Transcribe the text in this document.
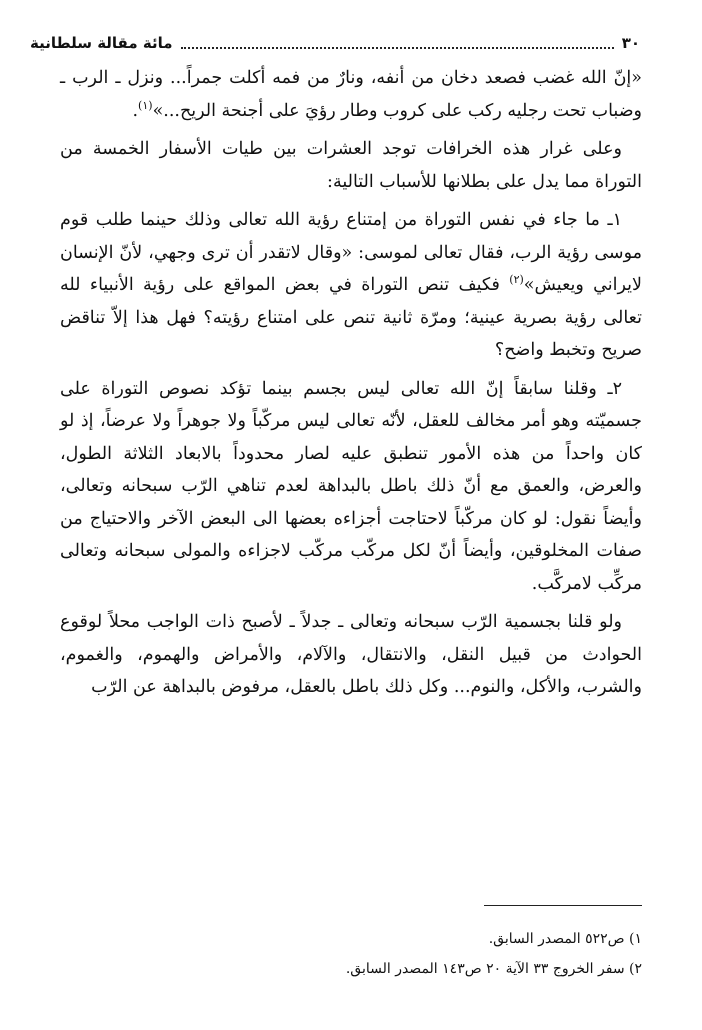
٣٠
مائة مقالة سلطانية

«إنّ الله غضب فصعد دخان من أنفه، ونارٌ من فمه أكلت جمراً... ونزل ـ الرب ـ وضباب تحت رجليه ركب على كروب وطار رؤيَ على أجنحة الريح...»$^{(١)}$.

وعلى غرار هذه الخرافات توجد العشرات بين طيات الأسفار الخمسة من التوراة مما يدل على بطلانها للأسباب التالية:

١ـ ما جاء في نفس التوراة من إمتناع رؤية الله تعالى وذلك حينما طلب قوم موسى رؤية الرب، فقال تعالى لموسى: «وقال لاتقدر أن ترى وجهي، لأنّ الإنسان لايراني ويعيش»$^{(٢)}$ فكيف تنص التوراة في بعض المواقع على رؤية الأنبياء لله تعالى رؤية بصرية عينية؛ ومرّة ثانية تنص على امتناع رؤيته؟ فهل هذا إلاّ تناقض صريح وتخبط واضح؟

٢ـ وقلنا سابقاً إنّ الله تعالى ليس بجسم بينما تؤكد نصوص التوراة على جسميّته وهو أمر مخالف للعقل، لأنّه تعالى ليس مركّباً ولا جوهراً ولا عرضاً، إذ لو كان واحداً من هذه الأمور تنطبق عليه لصار محدوداً بالابعاد الثلاثة الطول، والعرض، والعمق مع أنّ ذلك باطل بالبداهة لعدم تناهي الرّب سبحانه وتعالى، وأيضاً نقول: لو كان مركّباً لاحتاجت أجزاءه بعضها الى البعض الآخر والاحتياج من صفات المخلوقين، وأيضاً أنّ لكل مركّب مركّب لاجزاءه والمولى سبحانه وتعالى مركِّب لامركَّب.

ولو قلنا بجسمية الرّب سبحانه وتعالى ـ جدلاً ـ لأصبح ذات الواجب محلاً لوقوع الحوادث من قبيل النقل، والانتقال، والآلام، والأمراض والهموم، والغموم، والشرب، والأكل، والنوم... وكل ذلك باطل بالعقل، مرفوض بالبداهة عن الرّب

١) ص٥٢٢ المصدر السابق.
٢) سفر الخروج ٣٣ الآية ٢٠ ص١٤٣ المصدر السابق.
